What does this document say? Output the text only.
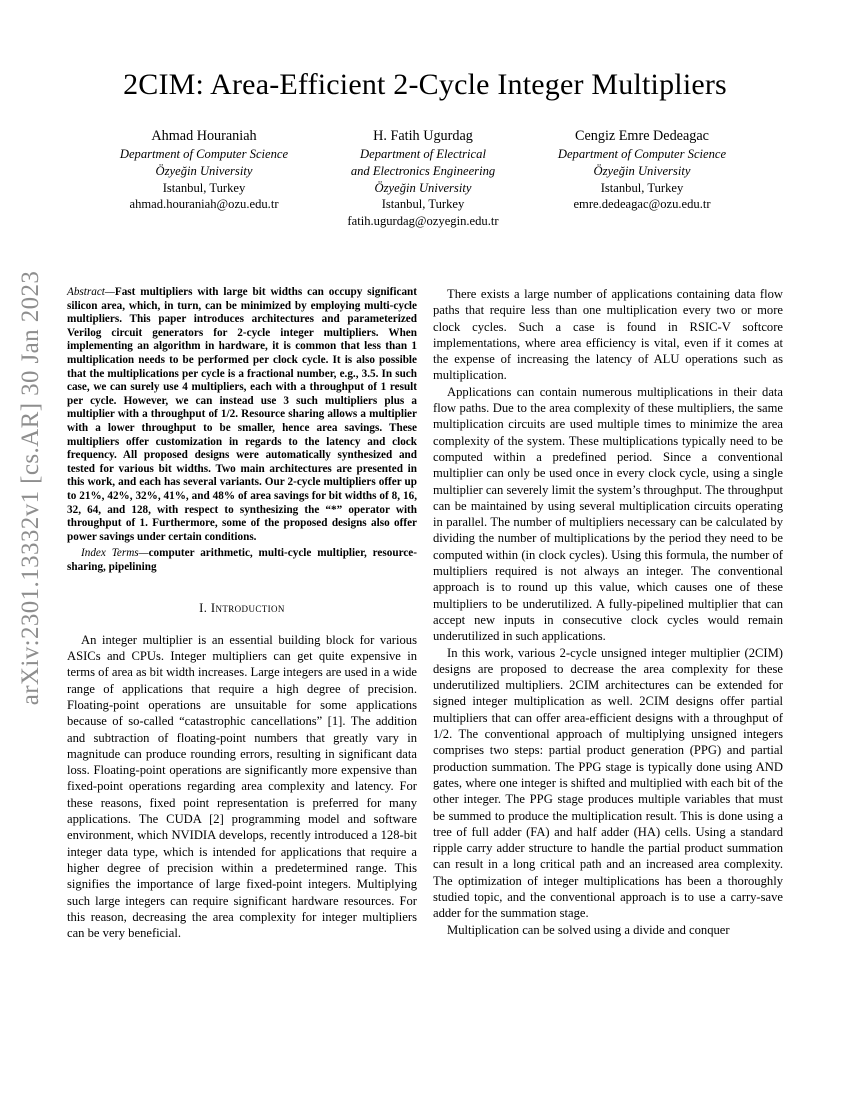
arXiv:2301.13332v1 [cs.AR] 30 Jan 2023
2CIM: Area-Efficient 2-Cycle Integer Multipliers
Ahmad Houraniah
Department of Computer Science
Özyeğin University
Istanbul, Turkey
ahmad.houraniah@ozu.edu.tr
H. Fatih Ugurdag
Department of Electrical
and Electronics Engineering
Özyeğin University
Istanbul, Turkey
fatih.ugurdag@ozyegin.edu.tr
Cengiz Emre Dedeagac
Department of Computer Science
Özyeğin University
Istanbul, Turkey
emre.dedeagac@ozu.edu.tr
Abstract—Fast multipliers with large bit widths can occupy significant silicon area, which, in turn, can be minimized by employing multi-cycle multipliers. This paper introduces architectures and parameterized Verilog circuit generators for 2-cycle integer multipliers. When implementing an algorithm in hardware, it is common that less than 1 multiplication needs to be performed per clock cycle. It is also possible that the multiplications per cycle is a fractional number, e.g., 3.5. In such case, we can surely use 4 multipliers, each with a throughput of 1 result per cycle. However, we can instead use 3 such multipliers plus a multiplier with a throughput of 1/2. Resource sharing allows a multiplier with a lower throughput to be smaller, hence area savings. These multipliers offer customization in regards to the latency and clock frequency. All proposed designs were automatically synthesized and tested for various bit widths. Two main architectures are presented in this work, and each has several variants. Our 2-cycle multipliers offer up to 21%, 42%, 32%, 41%, and 48% of area savings for bit widths of 8, 16, 32, 64, and 128, with respect to synthesizing the “*” operator with throughput of 1. Furthermore, some of the proposed designs also offer power savings under certain conditions.
Index Terms—computer arithmetic, multi-cycle multiplier, resource-sharing, pipelining
I. Introduction

An integer multiplier is an essential building block for various ASICs and CPUs. Integer multipliers can get quite expensive in terms of area as bit width increases. Large integers are used in a wide range of applications that require a high degree of precision. Floating-point operations are unsuitable for some applications because of so-called “catastrophic cancellations” [1]. The addition and subtraction of floating-point numbers that greatly vary in magnitude can produce rounding errors, resulting in significant data loss. Floating-point operations are significantly more expensive than fixed-point operations regarding area complexity and latency. For these reasons, fixed point representation is preferred for many applications. The CUDA [2] programming model and software environment, which NVIDIA develops, recently introduced a 128-bit integer data type, which is intended for applications that require a higher degree of precision within a predetermined range. This signifies the importance of large fixed-point integers. Multiplying such large integers can require significant hardware resources. For this reason, decreasing the area complexity for integer multipliers can be very beneficial.

There exists a large number of applications containing data flow paths that require less than one multiplication every two or more clock cycles. Such a case is found in RSIC-V softcore implementations, where area efficiency is vital, even if it comes at the expense of increasing the latency of ALU operations such as multiplication.

Applications can contain numerous multiplications in their data flow paths. Due to the area complexity of these multipliers, the same multiplication circuits are used multiple times to minimize the area complexity of the system. These multiplications typically need to be computed within a predefined period. Since a conventional multiplier can only be used once in every clock cycle, using a single multiplier can severely limit the system’s throughput. The throughput can be maintained by using several multiplication circuits operating in parallel. The number of multipliers necessary can be calculated by dividing the number of multiplications by the period they need to be computed within (in clock cycles). Using this formula, the number of multipliers required is not always an integer. The conventional approach is to round up this value, which causes one of these multipliers to be underutilized. A fully-pipelined multiplier that can accept new inputs in consecutive clock cycles would remain underutilized in such applications.

In this work, various 2-cycle unsigned integer multiplier (2CIM) designs are proposed to decrease the area complexity for these underutilized multipliers. 2CIM architectures can be extended for signed integer multiplication as well. 2CIM designs offer partial multipliers that can offer area-efficient designs with a throughput of 1/2. The conventional approach of multiplying unsigned integers comprises two steps: partial product generation (PPG) and partial production summation. The PPG stage is typically done using AND gates, where one integer is shifted and multiplied with each bit of the other integer. The PPG stage produces multiple variables that must be summed to produce the multiplication result. This is done using a tree of full adder (FA) and half adder (HA) cells. Using a standard ripple carry adder structure to handle the partial product summation can result in a long critical path and an increased area complexity. The optimization of integer multiplications has been a thoroughly studied topic, and the conventional approach is to use a carry-save adder for the summation stage.

Multiplication can be solved using a divide and conquer
